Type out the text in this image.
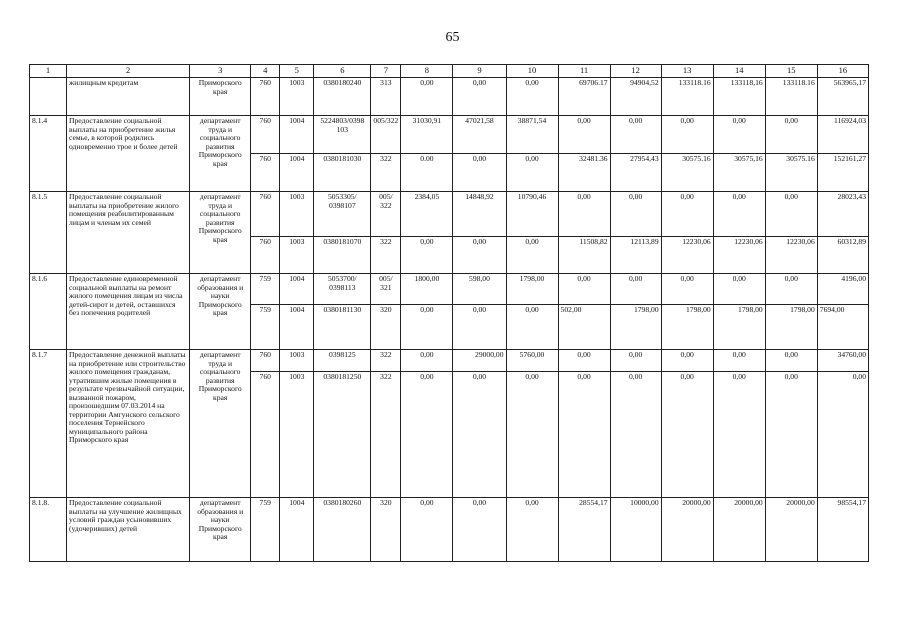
65
1	2	3	4	5	6	7	8	9	10	11	12	13	14	15	16
	жилищным кредитам	Приморского края	760	1003	0380180240	313	0,00	0,00	0,00	69706.17	94904,52	133118.16	133118,16	133118.16	563965,17
8.1.4	Предоставление социальной выплаты на приобретение жилья семье, в которой родились одновременно трое и более детей	департамент труда и социального развития Приморского края	760	1004	5224803/0398 103	005/322	31030,91	47021,58	38871,54	0,00	0,00	0,00	0,00	0,00	116924,03
			760	1004	0380181030	322	0.00	0,00	0,00	32481.36	27954,43	30575.16	30575,16	30575.16	152161,27
8.1.5	Предоставление социальной выплаты на приобретение жилого помещения реабилитированным лицам и членам их семей	департамент труда и социального развития Приморского края	760	1003	5053305/ 0398107	005/ 322	2384,05	14848,92	10790,46	0,00	0,00	0,00	0,00	0,00	28023,43
			760	1003	0380181070	322	0,00	0,00	0,00	11508,82	12113,89	12230,06	12230,06	12230,06	60312,89
8.1.6	Предоставление единовременной социальной выплаты на ремонт жилого помещения лицам из числа детей-сирот и детей, оставшихся без попечения родителей	департамент образования и науки Приморского края	759	1004	5053700/ 0398113	005/ 321	1800,00	598,00	1798,00	0,00	0,00	0,00	0,00	0,00	4196,00
			759	1004	0380181130	320	0,00	0,00	0,00	502,00	1798,00	1798,00	1798,00	1798,00	7694,00
8.1.7	Предоставление денежной выплаты на приобретение или строительство жилого помещения гражданам, утратившим жилые помещения в результате чрезвычайной ситуации, вызванной пожаром, произошедшим 07.03.2014 на территории Амгунского сельского поселения Тернейского муниципального района Приморского края	департамент труда и социального развития Приморского края	760	1003	0398125	322	0,00	29000,00	5760,00	0,00	0,00	0,00	0,00	0,00	34760,00
			760	1003	0380181250	322	0,00	0,00	0,00	0,00	0,00	0,00	0,00	0,00	0,00
8.1.8.	Предоставление социальной выплаты на улучшение жилищных условий граждан усыновивших (удочеривших) детей	департамент образования и науки Приморского края	759	1004	0380180260	320	0,00	0,00	0,00	28554,17	10000,00	20000,00	20000,00	20000,00	98554,17
